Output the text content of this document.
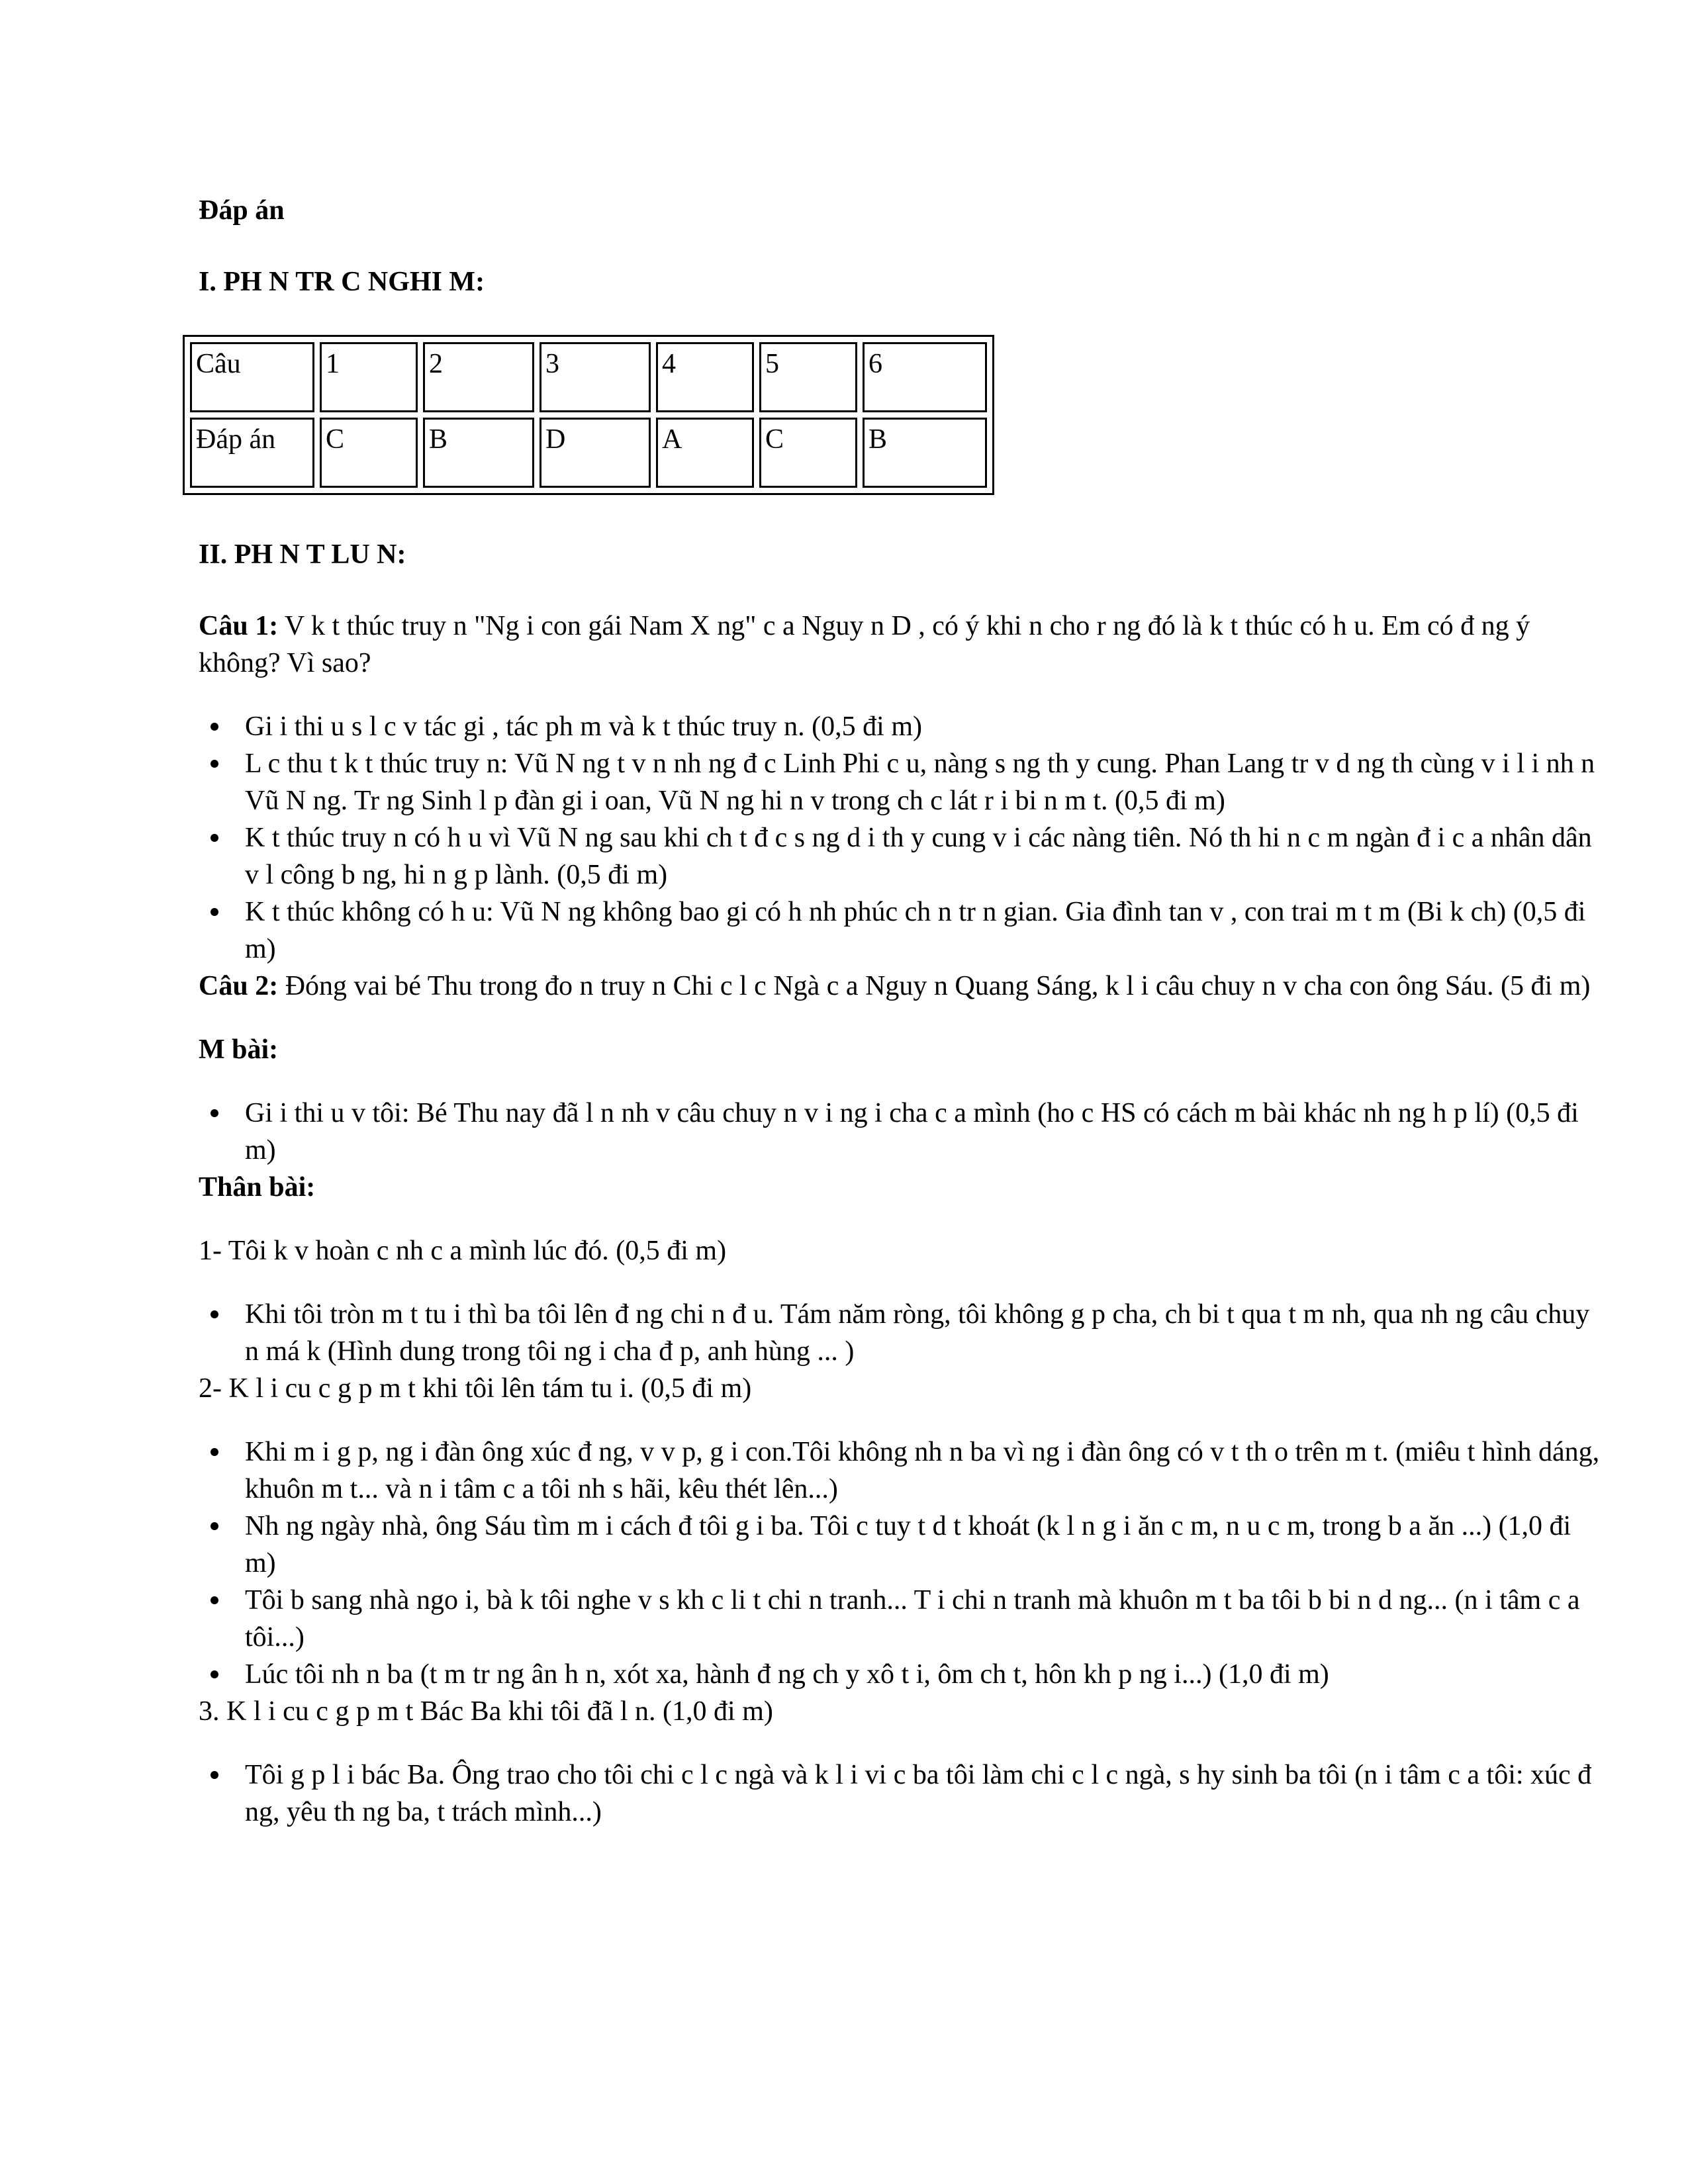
Đáp án

I. PH N TR C NGHI M:

Câu	1	2	3	4	5	6
Đáp án	C	B	D	A	C	B

II. PH N T LU N:

Câu 1: V k t thúc truy n "Ng i con gái Nam X ng" c a Nguy n D , có ý khi n cho r ng đó là k t thúc có h u. Em có đ ng ý không? Vì sao?

Gi i thi u s l c v tác gi , tác ph m và k t thúc truy n. (0,5 đi m)
L c thu t k t thúc truy n: Vũ N ng t v n nh ng đ c Linh Phi c u, nàng s ng th y cung. Phan Lang tr v d ng th cùng v i l i nh n Vũ N ng. Tr ng Sinh l p đàn gi i oan, Vũ N ng hi n v trong ch c lát r i bi n m t. (0,5 đi m)
K t thúc truy n có h u vì Vũ N ng sau khi ch t đ c s ng d i th y cung v i các nàng tiên. Nó th hi n c m ngàn đ i c a nhân dân v l công b ng, hi n g p lành. (0,5 đi m)
K t thúc không có h u: Vũ N ng không bao gi có h nh phúc ch n tr n gian. Gia đình tan v , con trai m t m (Bi k ch) (0,5 đi m)

Câu 2: Đóng vai bé Thu trong đo n truy n Chi c l c Ngà c a Nguy n Quang Sáng, k l i câu chuy n v cha con ông Sáu. (5 đi m)

M bài:

Gi i thi u v tôi: Bé Thu nay đã l n nh v câu chuy n v i ng i cha c a mình (ho c HS có cách m bài khác nh ng h p lí) (0,5 đi m)

Thân bài:

1- Tôi k v hoàn c nh c a mình lúc đó. (0,5 đi m)

Khi tôi tròn m t tu i thì ba tôi lên đ ng chi n đ u. Tám năm ròng, tôi không g p cha, ch bi t qua t m nh, qua nh ng câu chuy n má k (Hình dung trong tôi ng i cha đ p, anh hùng ... )

2- K l i cu c g p m t khi tôi lên tám tu i. (0,5 đi m)

Khi m i g p, ng i đàn ông xúc đ ng, v v p, g i con.Tôi không nh n ba vì ng i đàn ông có v t th o trên m t. (miêu t hình dáng, khuôn m t... và n i tâm c a tôi nh s hãi, kêu thét lên...)
Nh ng ngày nhà, ông Sáu tìm m i cách đ tôi g i ba. Tôi c tuy t d t khoát (k l n g i ăn c m, n u c m, trong b a ăn ...) (1,0 đi m)
Tôi b sang nhà ngo i, bà k tôi nghe v s kh c li t chi n tranh... T i chi n tranh mà khuôn m t ba tôi b bi n d ng... (n i tâm c a tôi...)
Lúc tôi nh n ba (t m tr ng ân h n, xót xa, hành đ ng ch y xô t i, ôm ch t, hôn kh p ng i...) (1,0 đi m)

3. K l i cu c g p m t Bác Ba khi tôi đã l n. (1,0 đi m)

Tôi g p l i bác Ba. Ông trao cho tôi chi c l c ngà và k l i vi c ba tôi làm chi c l c ngà, s hy sinh ba tôi (n i tâm c a tôi: xúc đ ng, yêu th ng ba, t trách mình...)
